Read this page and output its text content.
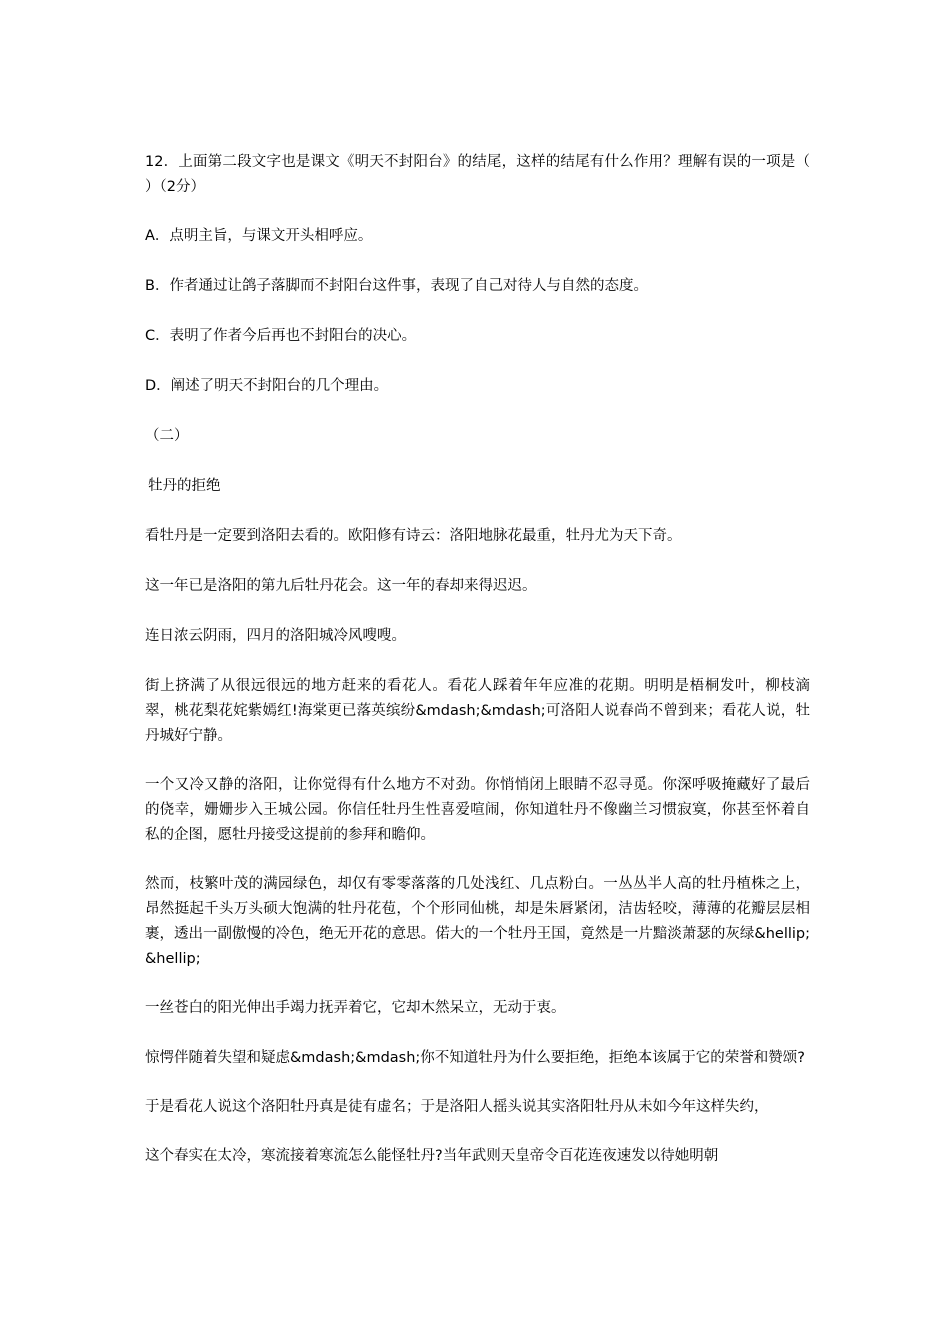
12．上面第二段文字也是课文《明天不封阳台》的结尾，这样的结尾有什么作用？理解有误的一项是（　　）（2分）

A．点明主旨，与课文开头相呼应。

B．作者通过让鸽子落脚而不封阳台这件事，表现了自己对待人与自然的态度。

C．表明了作者今后再也不封阳台的决心。

D．阐述了明天不封阳台的几个理由。

（二）

牡丹的拒绝

看牡丹是一定要到洛阳去看的。欧阳修有诗云：洛阳地脉花最重，牡丹尤为天下奇。

这一年已是洛阳的第九后牡丹花会。这一年的春却来得迟迟。

连日浓云阴雨，四月的洛阳城冷风嗖嗖。

街上挤满了从很远很远的地方赶来的看花人。看花人踩着年年应准的花期。明明是梧桐发叶，柳枝滴翠，桃花梨花姹紫嫣红!海棠更已落英缤纷&mdash;&mdash;可洛阳人说春尚不曾到来；看花人说，牡丹城好宁静。

一个又冷又静的洛阳，让你觉得有什么地方不对劲。你悄悄闭上眼睛不忍寻觅。你深呼吸掩藏好了最后的侥幸，姗姗步入王城公园。你信任牡丹生性喜爱喧闹，你知道牡丹不像幽兰习惯寂寞，你甚至怀着自私的企图，愿牡丹接受这提前的参拜和瞻仰。

然而，枝繁叶茂的满园绿色，却仅有零零落落的几处浅红、几点粉白。一丛丛半人高的牡丹植株之上，昂然挺起千头万头硕大饱满的牡丹花苞，个个形同仙桃，却是朱唇紧闭，洁齿轻咬，薄薄的花瓣层层相裹，透出一副傲慢的冷色，绝无开花的意思。偌大的一个牡丹王国，竟然是一片黯淡萧瑟的灰绿&hellip;&hellip;

一丝苍白的阳光伸出手竭力抚弄着它，它却木然呆立，无动于衷。

惊愕伴随着失望和疑虑&mdash;&mdash;你不知道牡丹为什么要拒绝，拒绝本该属于它的荣誉和赞颂?

于是看花人说这个洛阳牡丹真是徒有虚名；于是洛阳人摇头说其实洛阳牡丹从未如今年这样失约，

这个春实在太冷，寒流接着寒流怎么能怪牡丹?当年武则天皇帝令百花连夜速发以待她明朝
